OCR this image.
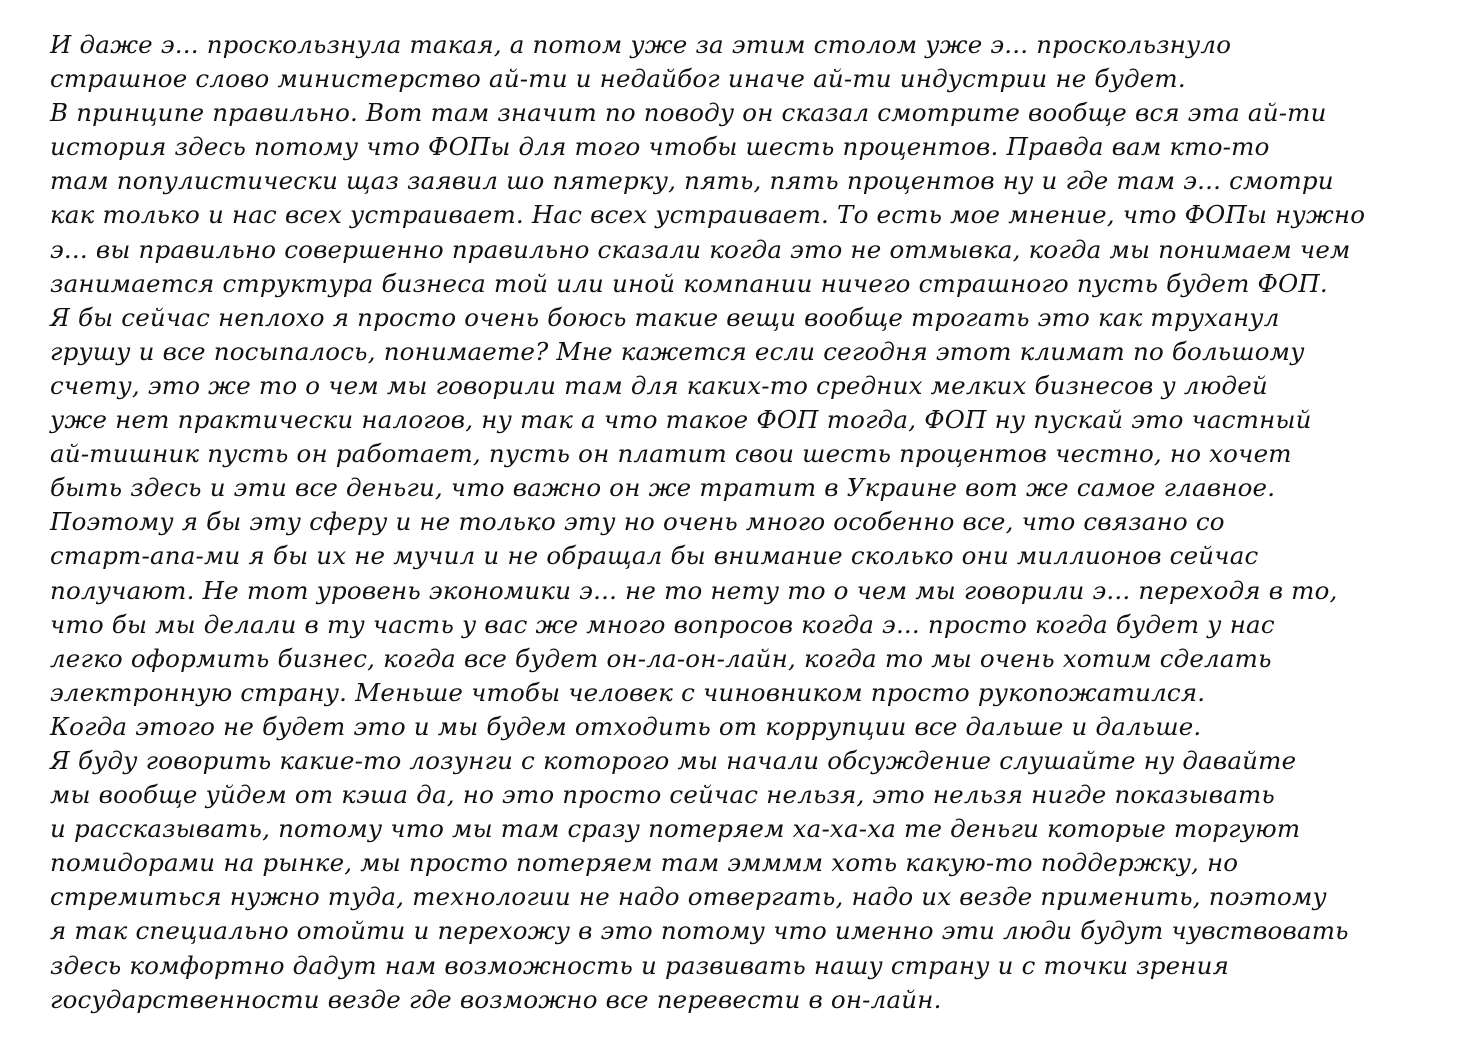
И даже э... проскользнула такая, а потом уже за этим столом уже э... проскользнуло
страшное слово министерство ай-ти и недайбог иначе ай-ти индустрии не будет.
В принципе правильно. Вот там значит по поводу он сказал смотрите вообще вся эта ай-ти
история здесь потому что ФОПы для того чтобы шесть процентов. Правда вам кто-то
там популистически щаз заявил шо пятерку, пять, пять процентов ну и где там э... смотри
как только и нас всех устраивает. Нас всех устраивает. То есть мое мнение, что ФОПы нужно
э... вы правильно совершенно правильно сказали когда это не отмывка, когда мы понимаем чем
занимается структура бизнеса той или иной компании ничего страшного пусть будет ФОП.
Я бы сейчас неплохо я просто очень боюсь такие вещи вообще трогать это как труханул
грушу и все посыпалось, понимаете? Мне кажется если сегодня этот климат по большому
счету, это же то о чем мы говорили там для каких-то средних мелких бизнесов у людей
уже нет практически налогов, ну так а что такое ФОП тогда, ФОП ну пускай это частный
ай-тишник пусть он работает, пусть он платит свои шесть процентов честно, но хочет
быть здесь и эти все деньги, что важно он же тратит в Украине вот же самое главное.
Поэтому я бы эту сферу и не только эту но очень много особенно все, что связано со
старт-апа-ми я бы их не мучил и не обращал бы внимание сколько они миллионов сейчас
получают. Не тот уровень экономики э... не то нету то о чем мы говорили э... переходя в то,
что бы мы делали в ту часть у вас же много вопросов когда э... просто когда будет у нас
легко оформить бизнес, когда все будет он-ла-он-лайн, когда то мы очень хотим сделать
электронную страну. Меньше чтобы человек с чиновником просто рукопожатился.
Когда этого не будет это и мы будем отходить от коррупции все дальше и дальше.
Я буду говорить какие-то лозунги с которого мы начали обсуждение слушайте ну давайте
мы вообще уйдем от кэша да, но это просто сейчас нельзя, это нельзя нигде показывать
и рассказывать, потому что мы там сразу потеряем ха-ха-ха те деньги которые торгуют
помидорами на рынке, мы просто потеряем там эмммм хоть какую-то поддержку, но
стремиться нужно туда, технологии не надо отвергать, надо их везде применить, поэтому
я так специально отойти и перехожу в это потому что именно эти люди будут чувствовать
здесь комфортно дадут нам возможность и развивать нашу страну и с точки зрения
государственности везде где возможно все перевести в он-лайн.
